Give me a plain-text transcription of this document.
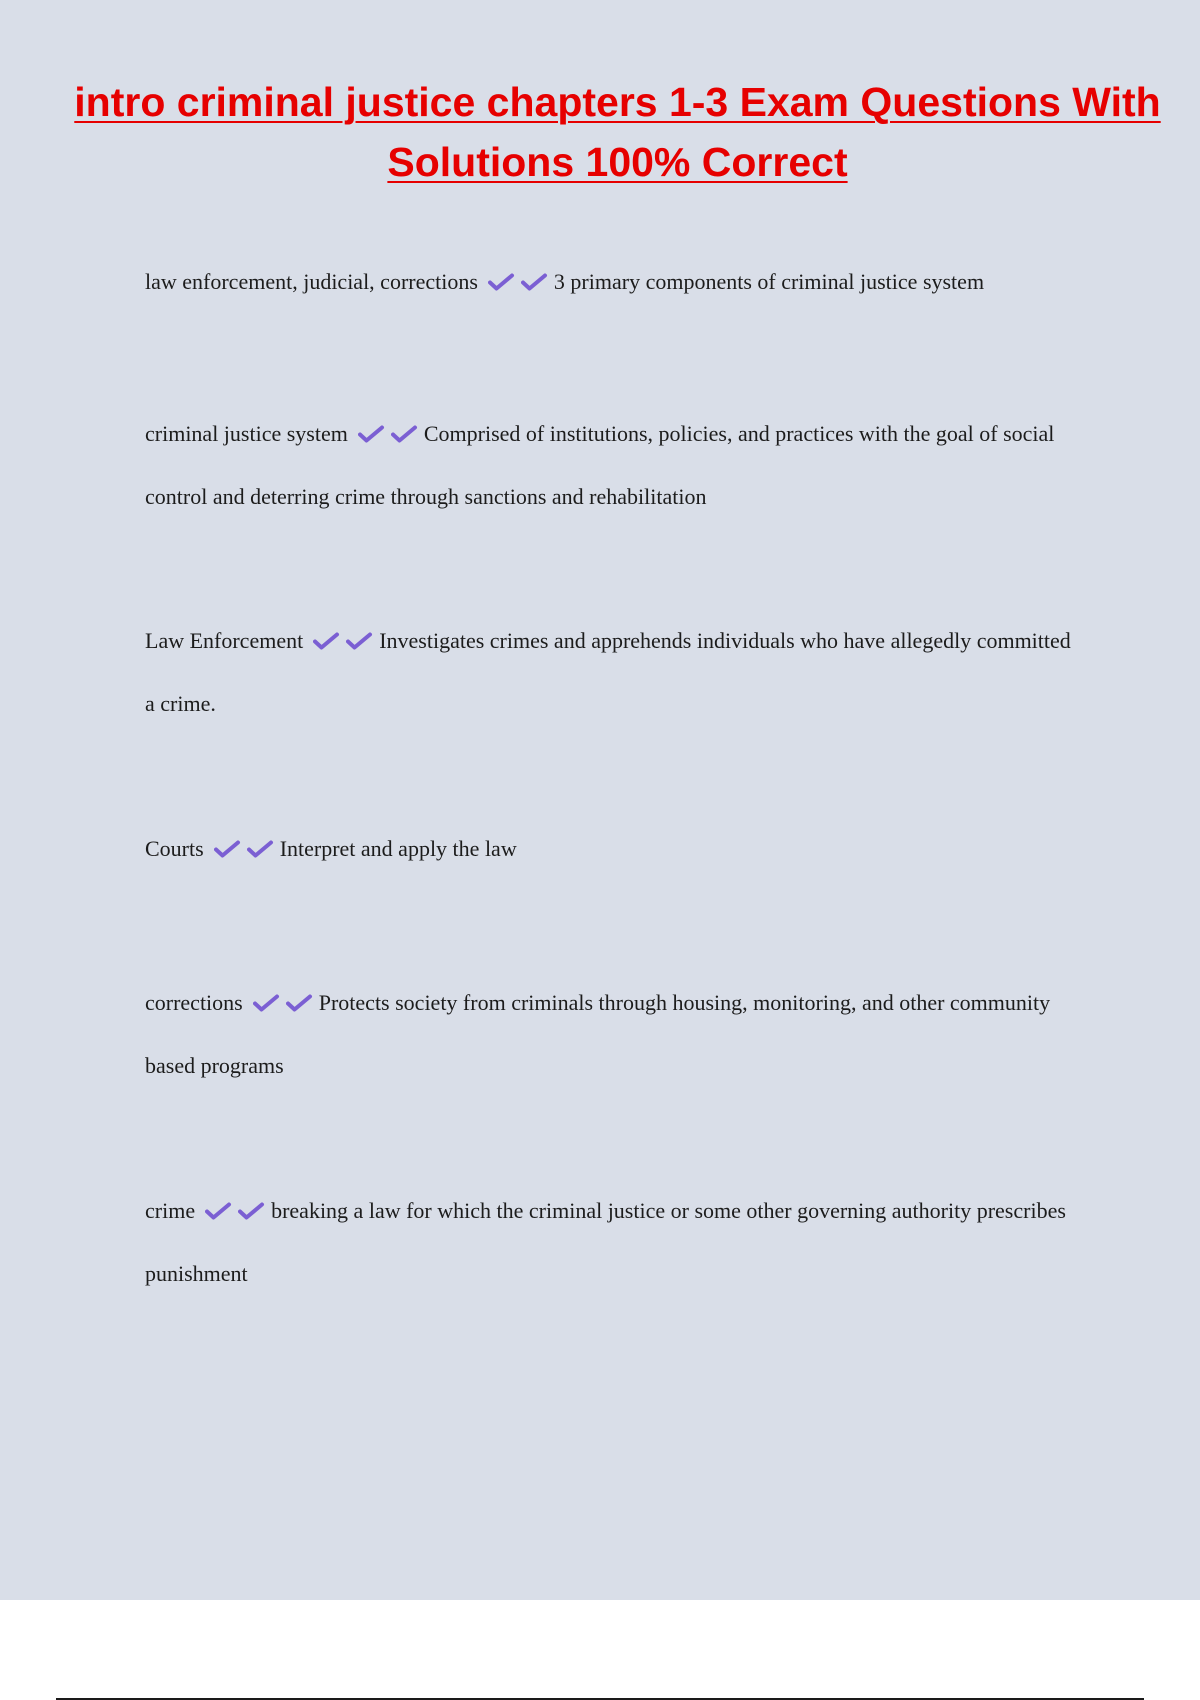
intro criminal justice chapters 1-3 Exam Questions With Solutions 100% Correct

law enforcement, judicial, corrections	3 primary components of criminal justice system

criminal justice system	Comprised of institutions, policies, and practices with the goal of social control and deterring crime through sanctions and rehabilitation

Law Enforcement	Investigates crimes and apprehends individuals who have allegedly committed a crime.

Courts	Interpret and apply the law

corrections	Protects society from criminals through housing, monitoring, and other community based programs

crime	breaking a law for which the criminal justice or some other governing authority prescribes punishment
